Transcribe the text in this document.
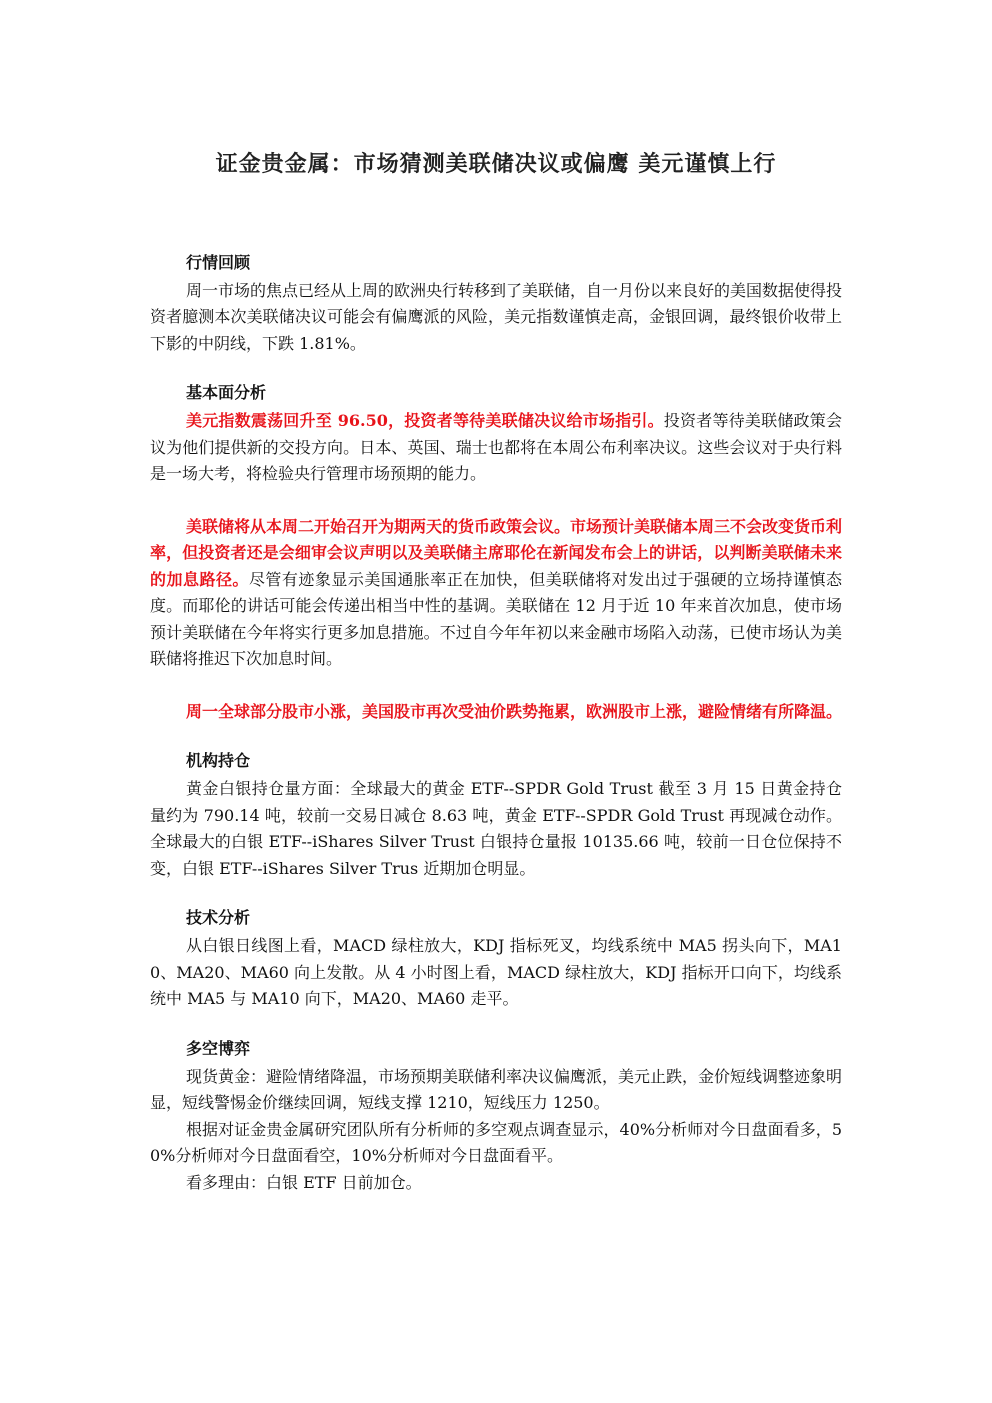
证金贵金属：市场猜测美联储决议或偏鹰 美元谨慎上行
行情回顾

周一市场的焦点已经从上周的欧洲央行转移到了美联储，自一月份以来良好的美国数据使得投资者臆测本次美联储决议可能会有偏鹰派的风险，美元指数谨慎走高，金银回调，最终银价收带上下影的中阴线，下跌 1.81%。

基本面分析

美元指数震荡回升至 96.50，投资者等待美联储决议给市场指引。投资者等待美联储政策会议为他们提供新的交投方向。日本、英国、瑞士也都将在本周公布利率决议。这些会议对于央行料是一场大考，将检验央行管理市场预期的能力。

美联储将从本周二开始召开为期两天的货币政策会议。市场预计美联储本周三不会改变货币利率，但投资者还是会细审会议声明以及美联储主席耶伦在新闻发布会上的讲话，以判断美联储未来的加息路径。尽管有迹象显示美国通胀率正在加快，但美联储将对发出过于强硬的立场持谨慎态度。而耶伦的讲话可能会传递出相当中性的基调。美联储在 12 月于近 10 年来首次加息，使市场预计美联储在今年将实行更多加息措施。不过自今年年初以来金融市场陷入动荡，已使市场认为美联储将推迟下次加息时间。

周一全球部分股市小涨，美国股市再次受油价跌势拖累，欧洲股市上涨，避险情绪有所降温。

机构持仓

黄金白银持仓量方面：全球最大的黄金 ETF--SPDR Gold Trust 截至 3 月 15 日黄金持仓量约为 790.14 吨，较前一交易日减仓 8.63 吨，黄金 ETF--SPDR Gold Trust 再现减仓动作。全球最大的白银 ETF--iShares Silver Trust 白银持仓量报 10135.66 吨，较前一日仓位保持不变，白银 ETF--iShares Silver Trus 近期加仓明显。

技术分析

从白银日线图上看，MACD 绿柱放大，KDJ 指标死叉，均线系统中 MA5 拐头向下，MA10、MA20、MA60 向上发散。从 4 小时图上看，MACD 绿柱放大，KDJ 指标开口向下，均线系统中 MA5 与 MA10 向下，MA20、MA60 走平。

多空博弈

现货黄金：避险情绪降温，市场预期美联储利率决议偏鹰派，美元止跌，金价短线调整迹象明显，短线警惕金价继续回调，短线支撑 1210，短线压力 1250。

根据对证金贵金属研究团队所有分析师的多空观点调查显示，40%分析师对今日盘面看多，50%分析师对今日盘面看空，10%分析师对今日盘面看平。

看多理由：白银 ETF 日前加仓。
